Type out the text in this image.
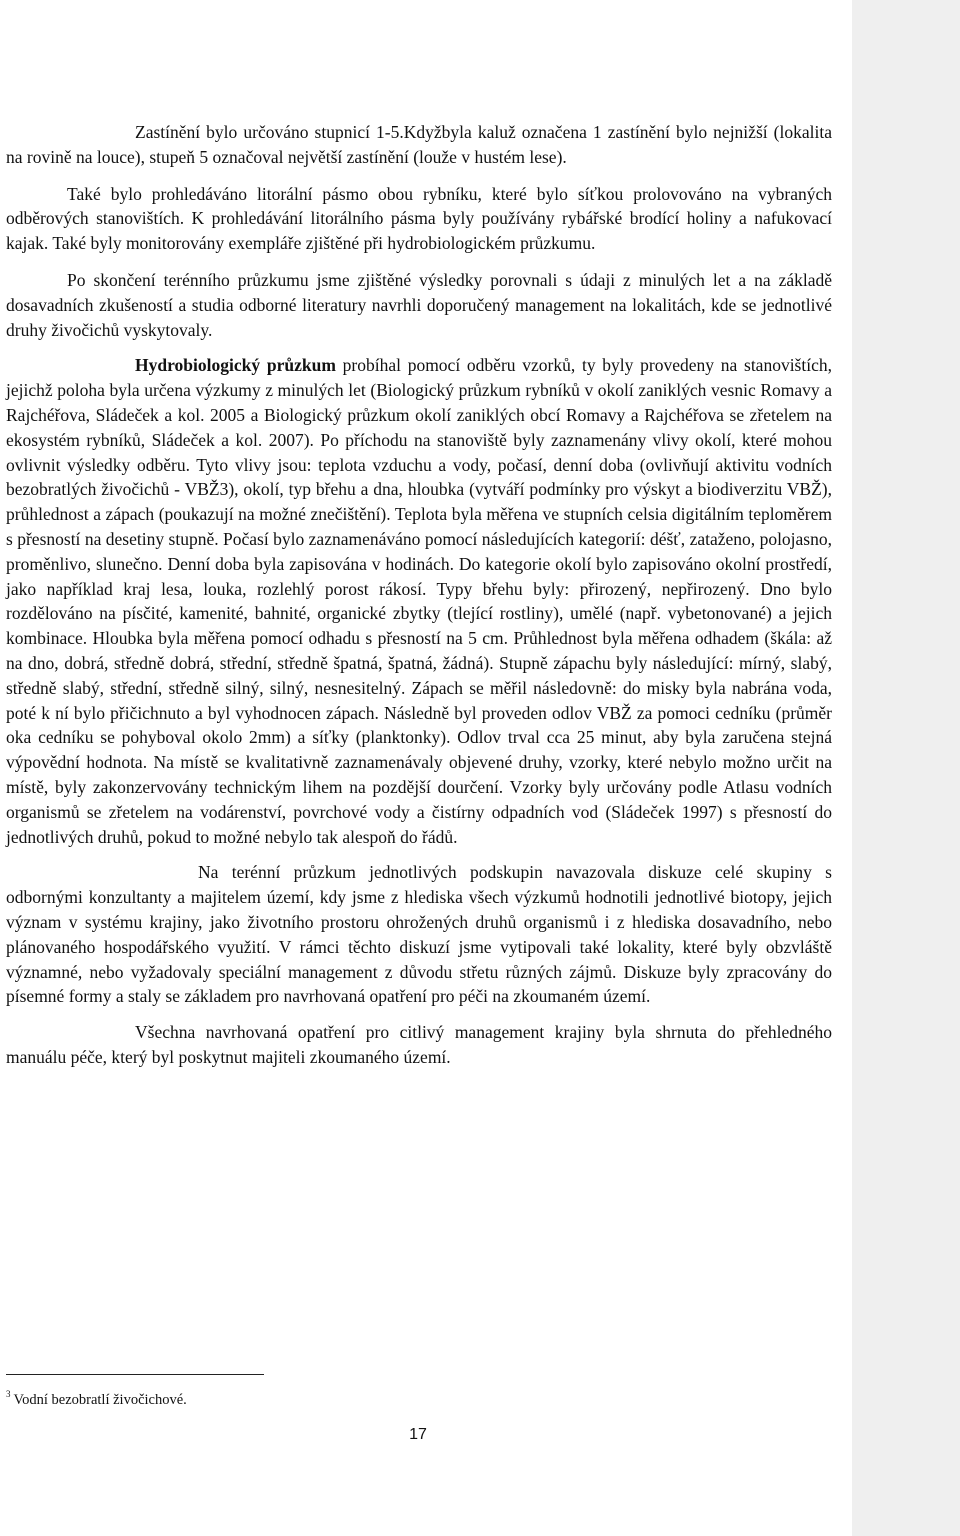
Zastínění bylo určováno stupnicí 1-5.Kdyžbyla kaluž označena 1 zastínění bylo nejnižší (lokalita na rovině na louce), stupeň 5 označoval největší zastínění (louže v hustém lese).

Také bylo prohledáváno litorální pásmo obou rybníku, které bylo síťkou prolovováno na vybraných odběrových stanovištích. K prohledávání litorálního pásma byly používány rybářské brodící holiny a nafukovací kajak. Také byly monitorovány exempláře zjištěné při hydrobiologickém průzkumu.

Po skončení terénního průzkumu jsme zjištěné výsledky porovnali s údaji z minulých let a na základě dosavadních zkušeností a studia odborné literatury navrhli doporučený management na lokalitách, kde se jednotlivé druhy živočichů vyskytovaly.

Hydrobiologický průzkum probíhal pomocí odběru vzorků, ty byly provedeny na stanovištích, jejichž poloha byla určena výzkumy z minulých let (Biologický průzkum rybníků v okolí zaniklých vesnic Romavy a Rajchéřova, Sládeček a kol. 2005 a Biologický průzkum okolí zaniklých obcí Romavy a Rajchéřova se zřetelem na ekosystém rybníků, Sládeček a kol. 2007). Po příchodu na stanoviště byly zaznamenány vlivy okolí, které mohou ovlivnit výsledky odběru. Tyto vlivy jsou: teplota vzduchu a vody, počasí, denní doba (ovlivňují aktivitu vodních bezobratlých živočichů - VBŽ3), okolí, typ břehu a dna, hloubka (vytváří podmínky pro výskyt a biodiverzitu VBŽ), průhlednost a zápach (poukazují na možné znečištění). Teplota byla měřena ve stupních celsia digitálním teploměrem s přesností na desetiny stupně. Počasí bylo zaznamenáváno pomocí následujících kategorií: déšť, zataženo, polojasno, proměnlivo, slunečno. Denní doba byla zapisována v hodinách. Do kategorie okolí bylo zapisováno okolní prostředí, jako například kraj lesa, louka, rozlehlý porost rákosí. Typy břehu byly: přirozený, nepřirozený. Dno bylo rozdělováno na písčité, kamenité, bahnité, organické zbytky (tlející rostliny), umělé (např. vybetonované) a jejich kombinace. Hloubka byla měřena pomocí odhadu s přesností na 5 cm. Průhlednost byla měřena odhadem (škála: až na dno, dobrá, středně dobrá, střední, středně špatná, špatná, žádná). Stupně zápachu byly následující: mírný, slabý, středně slabý, střední, středně silný, silný, nesnesitelný. Zápach se měřil následovně: do misky byla nabrána voda, poté k ní bylo přičichnuto a byl vyhodnocen zápach. Následně byl proveden odlov VBŽ za pomoci cedníku (průměr oka cedníku se pohyboval okolo 2mm) a síťky (planktonky). Odlov trval cca 25 minut, aby byla zaručena stejná výpovědní hodnota. Na místě se kvalitativně zaznamenávaly objevené druhy, vzorky, které nebylo možno určit na místě, byly zakonzervovány technickým lihem na pozdější dourčení. Vzorky byly určovány podle Atlasu vodních organismů se zřetelem na vodárenství, povrchové vody a čistírny odpadních vod (Sládeček 1997) s přesností do jednotlivých druhů, pokud to možné nebylo tak alespoň do řádů.

Na terénní průzkum jednotlivých podskupin navazovala diskuze celé skupiny s odbornými konzultanty a majitelem území, kdy jsme z hlediska všech výzkumů hodnotili jednotlivé biotopy, jejich význam v systému krajiny, jako životního prostoru ohrožených druhů organismů i z hlediska dosavadního, nebo plánovaného hospodářského využití. V rámci těchto diskuzí jsme vytipovali také lokality, které byly obzvláště významné, nebo vyžadovaly speciální management z důvodu střetu různých zájmů. Diskuze byly zpracovány do písemné formy a staly se základem pro navrhovaná opatření pro péči na zkoumaném území.

Všechna navrhovaná opatření pro citlivý management krajiny byla shrnuta do přehledného manuálu péče, který byl poskytnut majiteli zkoumaného území.

$^3$ Vodní bezobratlí živočichové.
17
